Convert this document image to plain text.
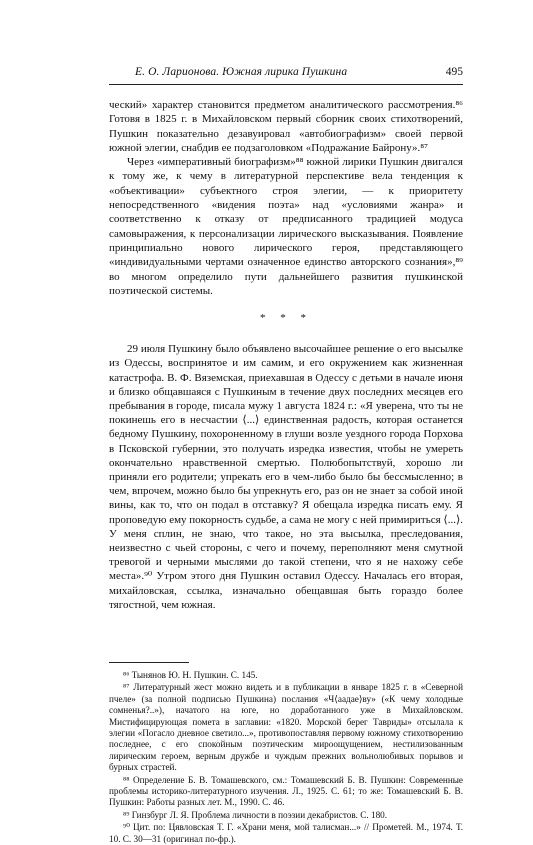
Е. О. Ларионова. Южная лирика Пушкина	495

ческий» характер становится предметом аналитического рассмотрения.⁸⁶ Готовя в 1825 г. в Михайловском первый сборник своих стихотворений, Пушкин показательно дезавуировал «автобиографизм» своей первой южной элегии, снабдив ее подзаголовком «Подражание Байрону».⁸⁷

Через «императивный биографизм»⁸⁸ южной лирики Пушкин двигался к тому же, к чему в литературной перспективе вела тенденция к «объективации» субъектного строя элегии, — к приоритету непосредственного «видения поэта» над «условиями жанра» и соответственно к отказу от предписанного традицией модуса самовыражения, к персонализации лирического высказывания. Появление принципиально нового лирического героя, представляющего «индивидуальными чертами означенное единство авторского сознания»,⁸⁹ во многом определило пути дальнейшего развития пушкинской поэтической системы.

* * *

29 июля Пушкину было объявлено высочайшее решение о его высылке из Одессы, воспринятое и им самим, и его окружением как жизненная катастрофа. В. Ф. Вяземская, приехавшая в Одессу с детьми в начале июня и близко общавшаяся с Пушкиным в течение двух последних месяцев его пребывания в городе, писала мужу 1 августа 1824 г.: «Я уверена, что ты не покинешь его в несчастии ⟨...⟩ единственная радость, которая останется бедному Пушкину, похороненному в глуши возле уездного города Порхова в Псковской губернии, это получать изредка известия, чтобы не умереть окончательно нравственной смертью. Полюбопытствуй, хорошо ли приняли его родители; упрекать его в чем-либо было бы бессмысленно; в чем, впрочем, можно было бы упрекнуть его, раз он не знает за собой иной вины, как то, что он подал в отставку? Я обещала изредка писать ему. Я проповедую ему покорность судьбе, а сама не могу с ней примириться ⟨...⟩. У меня сплин, не знаю, что такое, но эта высылка, преследования, неизвестно с чьей стороны, с чего и почему, переполняют меня смутной тревогой и черными мыслями до такой степени, что я не нахожу себе места».⁹⁰ Утром этого дня Пушкин оставил Одессу. Началась его вторая, михайловская, ссылка, изначально обещавшая быть гораздо более тягостной, чем южная.

⁸⁶ Тынянов Ю. Н. Пушкин. С. 145.

⁸⁷ Литературный жест можно видеть и в публикации в январе 1825 г. в «Северной пчеле» (за полной подписью Пушкина) послания «Ч⟨аадае⟩ву» («К чему холодные сомненья?..»), начатого на юге, но доработанного уже в Михайловском. Мистифицирующая помета в заглавии: «1820. Морской берег Тавриды» отсылала к элегии «Погасло дневное светило...», противопоставляя первому южному стихотворению последнее, с его спокойным поэтическим мироощущением, нестилизованным лирическим героем, верным дружбе и чуждым прежних вольнолюбивых порывов и бурных страстей.

⁸⁸ Определение Б. В. Томашевского, см.: Томашевский Б. В. Пушкин: Современные проблемы историко-литературного изучения. Л., 1925. С. 61; то же: Томашевский Б. В. Пушкин: Работы разных лет. М., 1990. С. 46.

⁸⁹ Гинзбург Л. Я. Проблема личности в поэзии декабристов. С. 180.

⁹⁰ Цит. по: Цявловская Т. Г. «Храни меня, мой талисман...» // Прометей. М., 1974. Т. 10. С. 30—31 (оригинал по-фр.).
